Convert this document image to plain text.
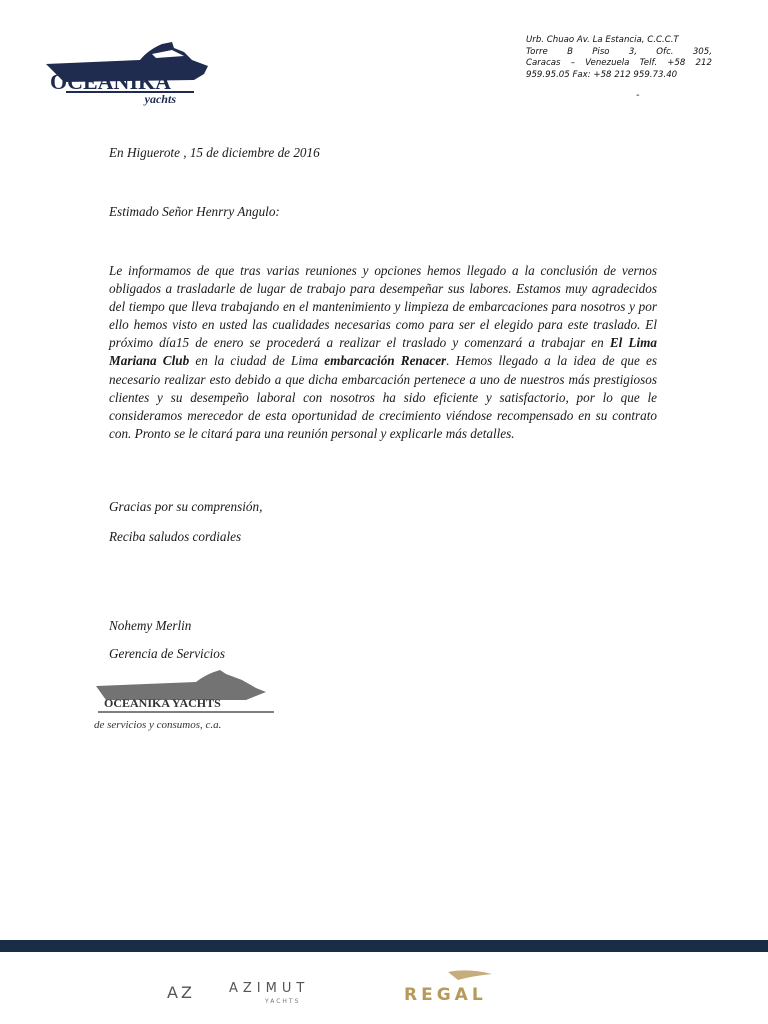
OCEANIKA
yachts
Urb. Chuao Av. La Estancia, C.C.C.T
Torre B Piso 3, Ofc. 305,
Caracas – Venezuela Telf. +58 212
959.95.05 Fax: +58 212 959.73.40
-
En Higuerote , 15 de diciembre de 2016
Estimado Señor Henrry Angulo:
Le informamos de que tras varias reuniones y opciones hemos llegado a la conclusión de vernos obligados a trasladarle de lugar de trabajo para desempeñar sus labores. Estamos muy agradecidos del tiempo que lleva trabajando en el mantenimiento y limpieza de embarcaciones para nosotros y por ello hemos visto en usted las cualidades necesarias como para ser el elegido para este traslado. El próximo día15 de enero se procederá a realizar el traslado y comenzará a trabajar en El Lima Mariana Club en la ciudad de Lima embarcación Renacer. Hemos llegado a la idea de que es necesario realizar esto debido a que dicha embarcación pertenece a uno de nuestros más prestigiosos clientes y su desempeño laboral con nosotros ha sido eficiente y satisfactorio, por lo que le consideramos merecedor de esta oportunidad de crecimiento viéndose recompensado en su contrato con. Pronto se le citará para una reunión personal y explicarle más detalles.
Gracias por su comprensión,
Reciba saludos cordiales
Nohemy Merlin
Gerencia de Servicios
OCEANIKA YACHTS
de servicios y consumos, c.a.
AZ	AZIMUT
YACHTS	REGAL
